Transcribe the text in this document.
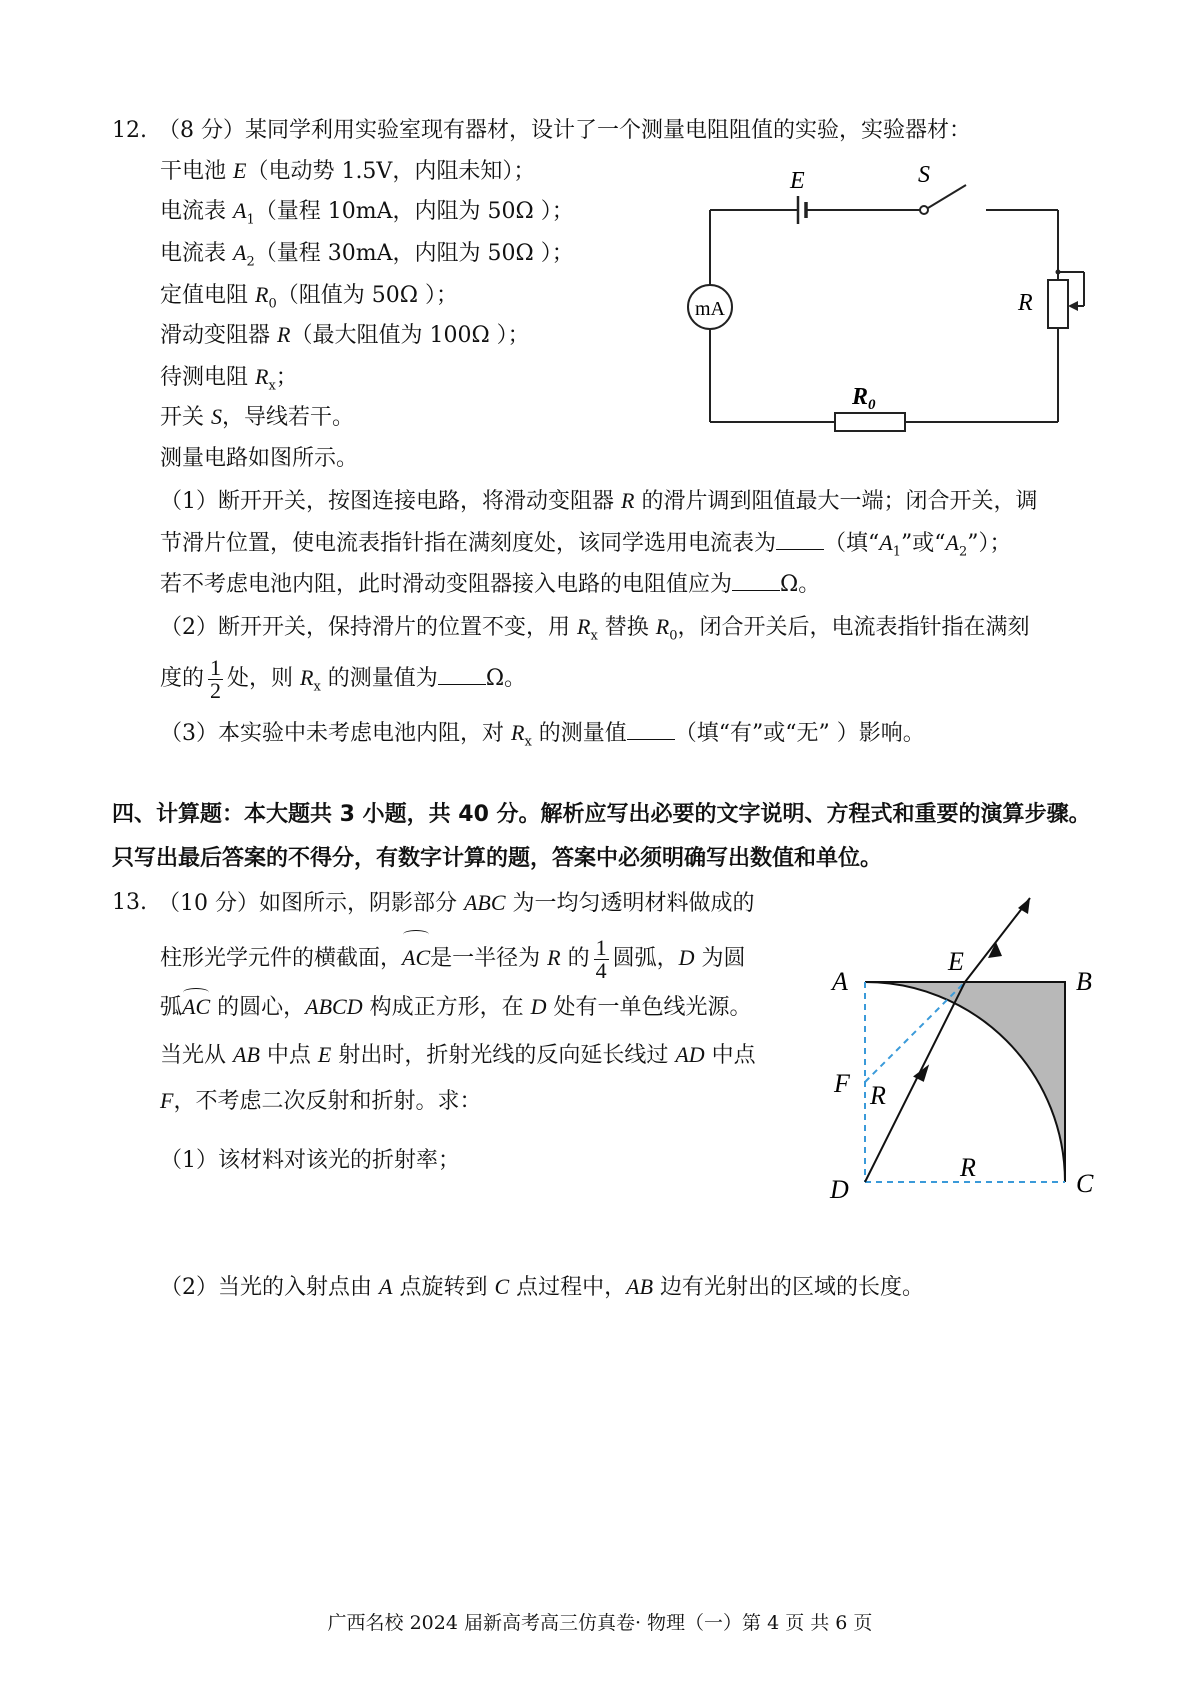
12. （8 分）某同学利用实验室现有器材，设计了一个测量电阻阻值的实验，实验器材：
干电池 E（电动势 1.5V，内阻未知）；
电流表 $A_1$（量程 10mA，内阻为 50Ω ）；
电流表 $A_2$（量程 30mA，内阻为 50Ω ）；
定值电阻 $R_0$（阻值为 50Ω ）；
滑动变阻器 R（最大阻值为 100Ω ）；
待测电阻 $R_x$；
开关 S，导线若干。
测量电路如图所示。
E	S
mA	R
$R_0$
（1）断开开关，按图连接电路，将滑动变阻器 R 的滑片调到阻值最大一端；闭合开关，调
节滑片位置，使电流表指针指在满刻度处，该同学选用电流表为 （填“$A_1$”或“$A_2$”）；
若不考虑电池内阻，此时滑动变阻器接入电路的电阻值应为 Ω。
（2）断开开关，保持滑片的位置不变，用 $R_x$ 替换 $R_0$，闭合开关后，电流表指针指在满刻
度的 $\frac{1}{2}$ 处，则 $R_x$ 的测量值为 Ω。
（3）本实验中未考虑电池内阻，对 $R_x$ 的测量值 （填“有”或“无” ）影响。
四、计算题：本大题共 3 小题，共 40 分。解析应写出必要的文字说明、方程式和重要的演算步骤。
只写出最后答案的不得分，有数字计算的题，答案中必须明确写出数值和单位。
13. （10 分）如图所示，阴影部分 ABC 为一均匀透明材料做成的
柱形光学元件的横截面，AC是一半径为 R 的 $\frac{1}{4}$ 圆弧，D 为圆
弧AC 的圆心，ABCD 构成正方形，在 D 处有一单色线光源。
当光从 AB 中点 E 射出时，折射光线的反向延长线过 AD 中点
F，不考虑二次反射和折射。求：
（1）该材料对该光的折射率；
（2）当光的入射点由 A 点旋转到 C 点过程中，AB 边有光射出的区域的长度。
A	B
C
D
E
F R
R
广西名校 2024 届新高考高三仿真卷· 物理（一）第 4 页 共 6 页
